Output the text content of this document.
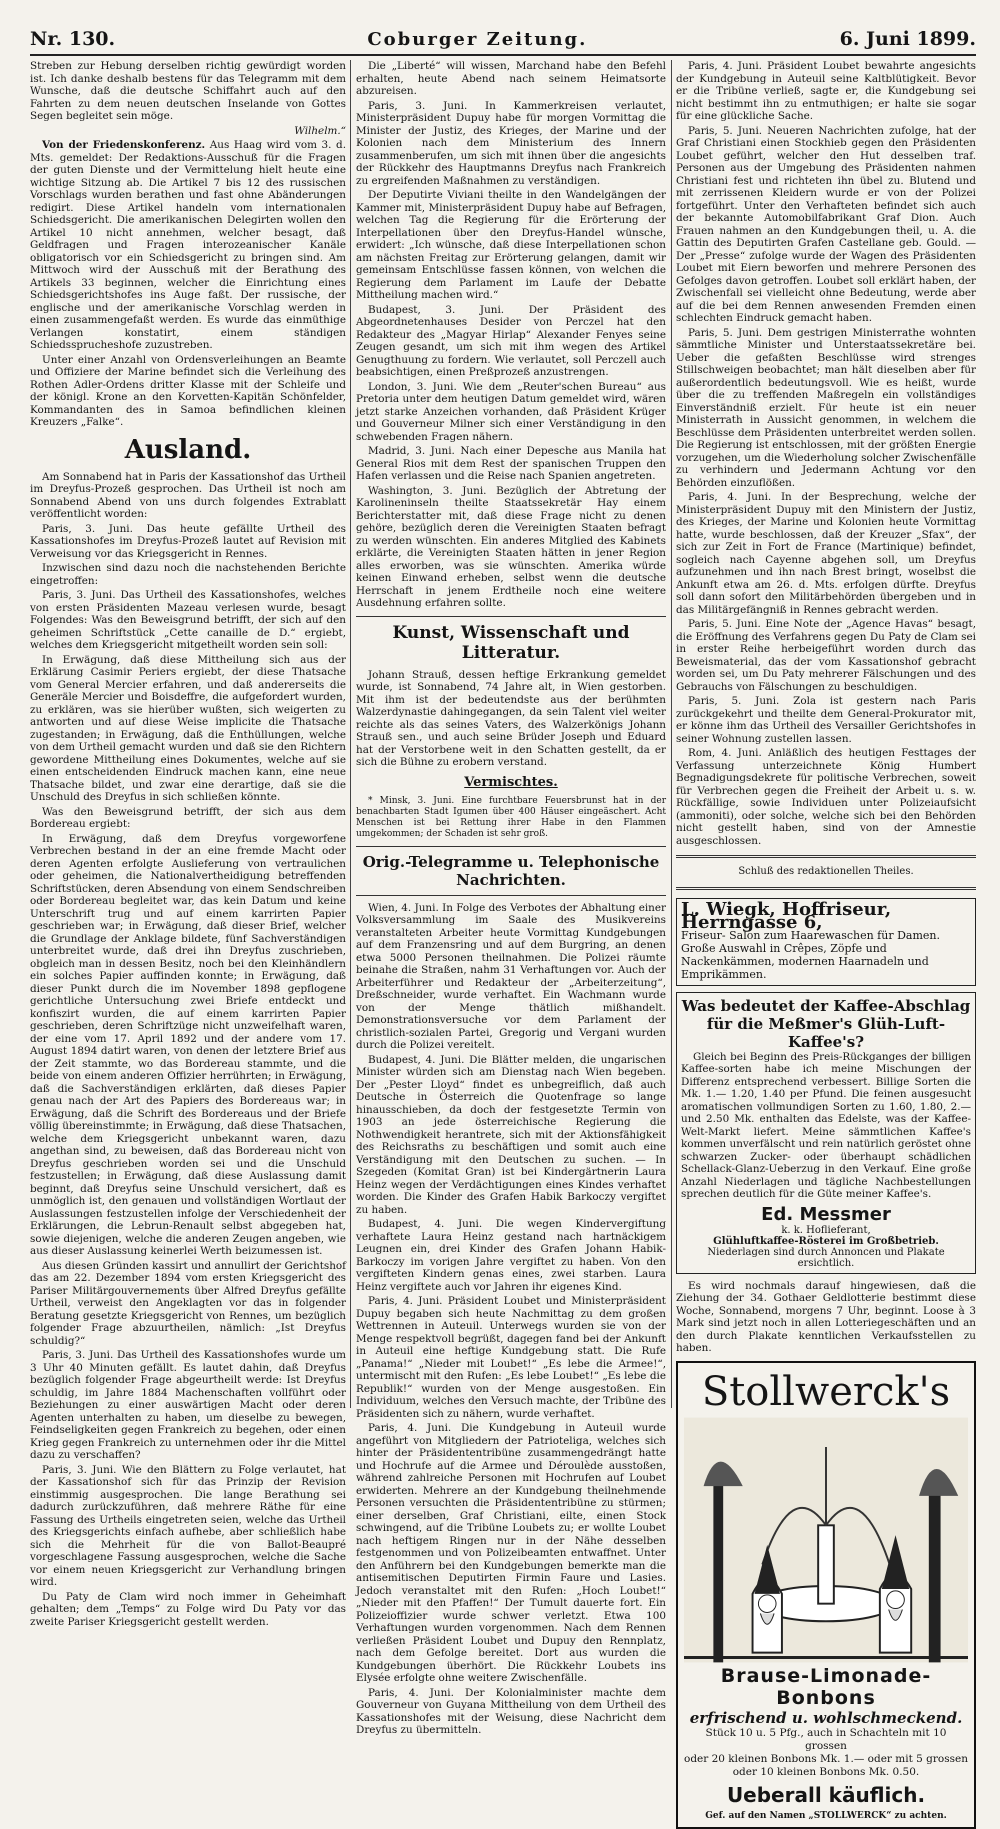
Nr. 130.	Coburger Zeitung.	6. Juni 1899.

Streben zur Hebung derselben richtig gewürdigt worden ist. Ich danke deshalb bestens für das Telegramm mit dem Wunsche, daß die deutsche Schiffahrt auch auf den Fahrten zu dem neuen deutschen Inselande von Gottes Segen begleitet sein möge.

Wilhelm.“

Von der Friedenskonferenz. Aus Haag wird vom 3. d. Mts. gemeldet: Der Redaktions-Ausschuß für die Fragen der guten Dienste und der Vermittelung hielt heute eine wichtige Sitzung ab. Die Artikel 7 bis 12 des russischen Vorschlags wurden berathen und fast ohne Abänderungen redigirt. Diese Artikel handeln vom internationalen Schiedsgericht. Die amerikanischen Delegirten wollen den Artikel 10 nicht annehmen, welcher besagt, daß Geldfragen und Fragen interozeanischer Kanäle obligatorisch vor ein Schiedsgericht zu bringen sind. Am Mittwoch wird der Ausschuß mit der Berathung des Artikels 33 beginnen, welcher die Einrichtung eines Schiedsgerichtshofes ins Auge faßt. Der russische, der englische und der amerikanische Vorschlag werden in einen zusammengefaßt werden. Es wurde das einmüthige Verlangen konstatirt, einem ständigen Schiedssprucheshofe zuzustreben.

Unter einer Anzahl von Ordensverleihungen an Beamte und Offiziere der Marine befindet sich die Verleihung des Rothen Adler-Ordens dritter Klasse mit der Schleife und der königl. Krone an den Korvetten-Kapitän Schönfelder, Kommandanten des in Samoa befindlichen kleinen Kreuzers „Falke“.

Ausland.

Am Sonnabend hat in Paris der Kassationshof das Urtheil im Dreyfus-Prozeß gesprochen. Das Urtheil ist noch am Sonnabend Abend von uns durch folgendes Extrablatt veröffentlicht worden:

Paris, 3. Juni. Das heute gefällte Urtheil des Kassationshofes im Dreyfus-Prozeß lautet auf Revision mit Verweisung vor das Kriegsgericht in Rennes.

Inzwischen sind dazu noch die nachstehenden Berichte eingetroffen:

Paris, 3. Juni. Das Urtheil des Kassationshofes, welches von ersten Präsidenten Mazeau verlesen wurde, besagt Folgendes: Was den Beweisgrund betrifft, der sich auf den geheimen Schriftstück „Cette canaille de D.“ ergiebt, welches dem Kriegsgericht mitgetheilt worden sein soll:

In Erwägung, daß diese Mittheilung sich aus der Erklärung Casimir Periers ergiebt, der diese Thatsache vom General Mercier erfahren, und daß andererseits die Generäle Mercier und Boisdeffre, die aufgefordert wurden, zu erklären, was sie hierüber wußten, sich weigerten zu antworten und auf diese Weise implicite die Thatsache zugestanden; in Erwägung, daß die Enthüllungen, welche von dem Urtheil gemacht wurden und daß sie den Richtern gewordene Mittheilung eines Dokumentes, welche auf sie einen entscheidenden Eindruck machen kann, eine neue Thatsache bildet, und zwar eine derartige, daß sie die Unschuld des Dreyfus in sich schließen könnte.

Was den Beweisgrund betrifft, der sich aus dem Bordereau ergiebt:

In Erwägung, daß dem Dreyfus vorgeworfene Verbrechen bestand in der an eine fremde Macht oder deren Agenten erfolgte Auslieferung von vertraulichen oder geheimen, die Nationalvertheidigung betreffenden Schriftstücken, deren Absendung von einem Sendschreiben oder Bordereau begleitet war, das kein Datum und keine Unterschrift trug und auf einem karrirten Papier geschrieben war; in Erwägung, daß dieser Brief, welcher die Grundlage der Anklage bildete, fünf Sachverständigen unterbreitet wurde, daß drei ihn Dreyfus zuschrieben, obgleich man in dessen Besitz, noch bei den Kleinhändlern ein solches Papier auffinden konnte; in Erwägung, daß dieser Punkt durch die im November 1898 gepflogene gerichtliche Untersuchung zwei Briefe entdeckt und konfiszirt wurden, die auf einem karrirten Papier geschrieben, deren Schriftzüge nicht unzweifelhaft waren, der eine vom 17. April 1892 und der andere vom 17. August 1894 datirt waren, von denen der letztere Brief aus der Zeit stammte, wo das Bordereau stammte, und die beide von einem anderen Offizier herrührten; in Erwägung, daß die Sachverständigen erklärten, daß dieses Papier genau nach der Art des Papiers des Bordereaus war; in Erwägung, daß die Schrift des Bordereaus und der Briefe völlig übereinstimmte; in Erwägung, daß diese Thatsachen, welche dem Kriegsgericht unbekannt waren, dazu angethan sind, zu beweisen, daß das Bordereau nicht von Dreyfus geschrieben worden sei und die Unschuld festzustellen; in Erwägung, daß diese Auslassung damit beginnt, daß Dreyfus seine Unschuld versichert, daß es unmöglich ist, den genauen und vollständigen Wortlaut der Auslassungen festzustellen infolge der Verschiedenheit der Erklärungen, die Lebrun-Renault selbst abgegeben hat, sowie diejenigen, welche die anderen Zeugen angeben, wie aus dieser Auslassung keinerlei Werth beizumessen ist.

Aus diesen Gründen kassirt und annullirt der Gerichtshof das am 22. Dezember 1894 vom ersten Kriegsgericht des Pariser Militärgouvernements über Alfred Dreyfus gefällte Urtheil, verweist den Angeklagten vor das in folgender Beratung gesetzte Kriegsgericht von Rennes, um bezüglich folgender Frage abzuurtheilen, nämlich: „Ist Dreyfus schuldig?“

Paris, 3. Juni. Das Urtheil des Kassationshofes wurde um 3 Uhr 40 Minuten gefällt. Es lautet dahin, daß Dreyfus bezüglich folgender Frage abgeurtheilt werde: Ist Dreyfus schuldig, im Jahre 1884 Machenschaften vollführt oder Beziehungen zu einer auswärtigen Macht oder deren Agenten unterhalten zu haben, um dieselbe zu bewegen, Feindseligkeiten gegen Frankreich zu begehen, oder einen Krieg gegen Frankreich zu unternehmen oder ihr die Mittel dazu zu verschaffen?

Paris, 3. Juni. Wie den Blättern zu Folge verlautet, hat der Kassationshof sich für das Prinzip der Revision einstimmig ausgesprochen. Die lange Berathung sei dadurch zurückzuführen, daß mehrere Räthe für eine Fassung des Urtheils eingetreten seien, welche das Urtheil des Kriegsgerichts einfach aufhebe, aber schließlich habe sich die Mehrheit für die von Ballot-Beaupré vorgeschlagene Fassung ausgesprochen, welche die Sache vor einem neuen Kriegsgericht zur Verhandlung bringen wird.

Du Paty de Clam wird noch immer in Geheimhaft gehalten; dem „Temps“ zu Folge wird Du Paty vor das zweite Pariser Kriegsgericht gestellt werden.

Die „Liberté“ will wissen, Marchand habe den Befehl erhalten, heute Abend nach seinem Heimatsorte abzureisen.

Paris, 3. Juni. In Kammerkreisen verlautet, Ministerpräsident Dupuy habe für morgen Vormittag die Minister der Justiz, des Krieges, der Marine und der Kolonien nach dem Ministerium des Innern zusammenberufen, um sich mit ihnen über die angesichts der Rückkehr des Hauptmanns Dreyfus nach Frankreich zu ergreifenden Maßnahmen zu verständigen.

Der Deputirte Viviani theilte in den Wandelgängen der Kammer mit, Ministerpräsident Dupuy habe auf Befragen, welchen Tag die Regierung für die Erörterung der Interpellationen über den Dreyfus-Handel wünsche, erwidert: „Ich wünsche, daß diese Interpellationen schon am nächsten Freitag zur Erörterung gelangen, damit wir gemeinsam Entschlüsse fassen können, von welchen die Regierung dem Parlament im Laufe der Debatte Mittheilung machen wird.“

Budapest, 3. Juni. Der Präsident des Abgeordnetenhauses Desider von Perczel hat den Redakteur des „Magyar Hirlap“ Alexander Fenyes seine Zeugen gesandt, um sich mit ihm wegen des Artikel Genugthuung zu fordern. Wie verlautet, soll Perczell auch beabsichtigen, einen Preßprozeß anzustrengen.

London, 3. Juni. Wie dem „Reuter'schen Bureau“ aus Pretoria unter dem heutigen Datum gemeldet wird, wären jetzt starke Anzeichen vorhanden, daß Präsident Krüger und Gouverneur Milner sich einer Verständigung in den schwebenden Fragen nähern.

Madrid, 3. Juni. Nach einer Depesche aus Manila hat General Rios mit dem Rest der spanischen Truppen den Hafen verlassen und die Reise nach Spanien angetreten.

Washington, 3. Juni. Bezüglich der Abtretung der Karolineninseln theilte Staatssekretär Hay einem Berichterstatter mit, daß diese Frage nicht zu denen gehöre, bezüglich deren die Vereinigten Staaten befragt zu werden wünschten. Ein anderes Mitglied des Kabinets erklärte, die Vereinigten Staaten hätten in jener Region alles erworben, was sie wünschten. Amerika würde keinen Einwand erheben, selbst wenn die deutsche Herrschaft in jenem Erdtheile noch eine weitere Ausdehnung erfahren sollte.

Kunst, Wissenschaft und Litteratur.

Johann Strauß, dessen heftige Erkrankung gemeldet wurde, ist Sonnabend, 74 Jahre alt, in Wien gestorben. Mit ihm ist der bedeutendste aus der berühmten Walzerdynastie dahingegangen, da sein Talent viel weiter reichte als das seines Vaters, des Walzerkönigs Johann Strauß sen., und auch seine Brüder Joseph und Eduard hat der Verstorbene weit in den Schatten gestellt, da er sich die Bühne zu erobern verstand.

Vermischtes.

* Minsk, 3. Juni. Eine furchtbare Feuersbrunst hat in der benachbarten Stadt Igumen über 400 Häuser eingeäschert. Acht Menschen ist bei Rettung ihrer Habe in den Flammen umgekommen; der Schaden ist sehr groß.

Orig.-Telegramme u. Telephonische Nachrichten.

Wien, 4. Juni. In Folge des Verbotes der Abhaltung einer Volksversammlung im Saale des Musikvereins veranstalteten Arbeiter heute Vormittag Kundgebungen auf dem Franzensring und auf dem Burgring, an denen etwa 5000 Personen theilnahmen. Die Polizei räumte beinahe die Straßen, nahm 31 Verhaftungen vor. Auch der Arbeiterführer und Redakteur der „Arbeiterzeitung“, Dreßschneider, wurde verhaftet. Ein Wachmann wurde von der Menge thätlich mißhandelt. Demonstrationsversuche vor dem Parlament der christlich-sozialen Partei, Gregorig und Vergani wurden durch die Polizei vereitelt.

Budapest, 4. Juni. Die Blätter melden, die ungarischen Minister würden sich am Dienstag nach Wien begeben. Der „Pester Lloyd“ findet es unbegreiflich, daß auch Deutsche in Österreich die Quotenfrage so lange hinausschieben, da doch der festgesetzte Termin von 1903 an jede österreichische Regierung die Nothwendigkeit herantrete, sich mit der Aktionsfähigkeit des Reichsraths zu beschäftigen und somit auch eine Verständigung mit den Deutschen zu suchen. — In Szegeden (Komitat Gran) ist bei Kindergärtnerin Laura Heinz wegen der Verdächtigungen eines Kindes verhaftet worden. Die Kinder des Grafen Habik Barkoczy vergiftet zu haben.

Budapest, 4. Juni. Die wegen Kindervergiftung verhaftete Laura Heinz gestand nach hartnäckigem Leugnen ein, drei Kinder des Grafen Johann Habik-Barkoczy im vorigen Jahre vergiftet zu haben. Von den vergifteten Kindern genas eines, zwei starben. Laura Heinz vergiftete auch vor Jahren ihr eigenes Kind.

Paris, 4. Juni. Präsident Loubet und Ministerpräsident Dupuy begaben sich heute Nachmittag zu dem großen Wettrennen in Auteuil. Unterwegs wurden sie von der Menge respektvoll begrüßt, dagegen fand bei der Ankunft in Auteuil eine heftige Kundgebung statt. Die Rufe „Panama!“ „Nieder mit Loubet!“ „Es lebe die Armee!“, untermischt mit den Rufen: „Es lebe Loubet!“ „Es lebe die Republik!“ wurden von der Menge ausgestoßen. Ein Individuum, welches den Versuch machte, der Tribüne des Präsidenten sich zu nähern, wurde verhaftet.

Paris, 4. Juni. Die Kundgebung in Auteuil wurde angeführt von Mitgliedern der Patrioteliga, welches sich hinter der Präsidententribüne zusammengedrängt hatte und Hochrufe auf die Armee und Déroulède ausstoßen, während zahlreiche Personen mit Hochrufen auf Loubet erwiderten. Mehrere an der Kundgebung theilnehmende Personen versuchten die Präsidententribüne zu stürmen; einer derselben, Graf Christiani, eilte, einen Stock schwingend, auf die Tribüne Loubets zu; er wollte Loubet nach heftigem Ringen nur in der Nähe desselben festgenommen und von Polizeibeamten entwaffnet. Unter den Anführern bei den Kundgebungen bemerkte man die antisemitischen Deputirten Firmin Faure und Lasies. Jedoch veranstaltet mit den Rufen: „Hoch Loubet!“ „Nieder mit den Pfaffen!“ Der Tumult dauerte fort. Ein Polizeioffizier wurde schwer verletzt. Etwa 100 Verhaftungen wurden vorgenommen. Nach dem Rennen verließen Präsident Loubet und Dupuy den Rennplatz, nach dem Gefolge bereitet. Dort aus wurden die Kundgebungen überhört. Die Rückkehr Loubets ins Elysée erfolgte ohne weitere Zwischenfälle.

Paris, 4. Juni. Der Kolonialminister machte dem Gouverneur von Guyana Mittheilung von dem Urtheil des Kassationshofes mit der Weisung, diese Nachricht dem Dreyfus zu übermitteln.

Paris, 4. Juni. Präsident Loubet bewahrte angesichts der Kundgebung in Auteuil seine Kaltblütigkeit. Bevor er die Tribüne verließ, sagte er, die Kundgebung sei nicht bestimmt ihn zu entmuthigen; er halte sie sogar für eine glückliche Sache.

Paris, 5. Juni. Neueren Nachrichten zufolge, hat der Graf Christiani einen Stockhieb gegen den Präsidenten Loubet geführt, welcher den Hut desselben traf. Personen aus der Umgebung des Präsidenten nahmen Christiani fest und richteten ihn übel zu. Blutend und mit zerrissenen Kleidern wurde er von der Polizei fortgeführt. Unter den Verhafteten befindet sich auch der bekannte Automobilfabrikant Graf Dion. Auch Frauen nahmen an den Kundgebungen theil, u. A. die Gattin des Deputirten Grafen Castellane geb. Gould. — Der „Presse“ zufolge wurde der Wagen des Präsidenten Loubet mit Eiern beworfen und mehrere Personen des Gefolges davon getroffen. Loubet soll erklärt haben, der Zwischenfall sei vielleicht ohne Bedeutung, werde aber auf die bei dem Rennen anwesenden Fremden einen schlechten Eindruck gemacht haben.

Paris, 5. Juni. Dem gestrigen Ministerrathe wohnten sämmtliche Minister und Unterstaatssekretäre bei. Ueber die gefaßten Beschlüsse wird strenges Stillschweigen beobachtet; man hält dieselben aber für außerordentlich bedeutungsvoll. Wie es heißt, wurde über die zu treffenden Maßregeln ein vollständiges Einverständniß erzielt. Für heute ist ein neuer Ministerrath in Aussicht genommen, in welchem die Beschlüsse dem Präsidenten unterbreitet werden sollen. Die Regierung ist entschlossen, mit der größten Energie vorzugehen, um die Wiederholung solcher Zwischenfälle zu verhindern und Jedermann Achtung vor den Behörden einzuflößen.

Paris, 4. Juni. In der Besprechung, welche der Ministerpräsident Dupuy mit den Ministern der Justiz, des Krieges, der Marine und Kolonien heute Vormittag hatte, wurde beschlossen, daß der Kreuzer „Sfax“, der sich zur Zeit in Fort de France (Martinique) befindet, sogleich nach Cayenne abgehen soll, um Dreyfus aufzunehmen und ihn nach Brest bringt, woselbst die Ankunft etwa am 26. d. Mts. erfolgen dürfte. Dreyfus soll dann sofort den Militärbehörden übergeben und in das Militärgefängniß in Rennes gebracht werden.

Paris, 5. Juni. Eine Note der „Agence Havas“ besagt, die Eröffnung des Verfahrens gegen Du Paty de Clam sei in erster Reihe herbeigeführt worden durch das Beweismaterial, das der vom Kassationshof gebracht worden sei, um Du Paty mehrerer Fälschungen und des Gebrauchs von Fälschungen zu beschuldigen.

Paris, 5. Juni. Zola ist gestern nach Paris zurückgekehrt und theilte dem General-Prokurator mit, er könne ihm das Urtheil des Versailler Gerichtshofes in seiner Wohnung zustellen lassen.

Rom, 4. Juni. Anläßlich des heutigen Festtages der Verfassung unterzeichnete König Humbert Begnadigungsdekrete für politische Verbrechen, soweit für Verbrechen gegen die Freiheit der Arbeit u. s. w. Rückfällige, sowie Individuen unter Polizeiaufsicht (ammoniti), oder solche, welche sich bei den Behörden nicht gestellt haben, sind von der Amnestie ausgeschlossen.

Schluß des redaktionellen Theiles.

L. Wiegk, Hoffriseur, Herrngasse 6,
Friseur- Salon zum Haarewaschen für Damen. Große Auswahl in Crêpes, Zöpfe und Nackenkämmen, modernen Haarnadeln und Emprikämmen.
Was bedeutet der Kaffee-Abschlag für die Meßmer's Glüh-Luft-Kaffee's?

Gleich bei Beginn des Preis-Rückganges der billigen Kaffee-sorten habe ich meine Mischungen der Differenz entsprechend verbessert. Billige Sorten die Mk. 1.— 1.20, 1.40 per Pfund. Die feinen ausgesucht aromatischen vollmundigen Sorten zu 1.60, 1.80, 2.— und 2.50 Mk. enthalten das Edelste, was der Kaffee-Welt-Markt liefert. Meine sämmtlichen Kaffee's kommen unverfälscht und rein natürlich geröstet ohne schwarzen Zucker- oder überhaupt schädlichen Schellack-Glanz-Ueberzug in den Verkauf. Eine große Anzahl Niederlagen und tägliche Nachbestellungen sprechen deutlich für die Güte meiner Kaffee's.

Ed. Messmer
k. k. Hoflieferant,
Glühluftkaffee-Rösterei im Großbetrieb.
Niederlagen sind durch Annoncen und Plakate ersichtlich.

Es wird nochmals darauf hingewiesen, daß die Ziehung der 34. Gothaer Geldlotterie bestimmt diese Woche, Sonnabend, morgens 7 Uhr, beginnt. Loose à 3 Mark sind jetzt noch in allen Lotteriegeschäften und an den durch Plakate kenntlichen Verkaufsstellen zu haben.

Stollwerck's
Brause-Limonade-Bonbons
erfrischend u. wohlschmeckend.
Stück 10 u. 5 Pfg., auch in Schachteln mit 10 grossen
oder 20 kleinen Bonbons Mk. 1.— oder mit 5 grossen
oder 10 kleinen Bonbons Mk. 0.50.
Ueberall käuflich.
Gef. auf den Namen „STOLLWERCK“ zu achten.
